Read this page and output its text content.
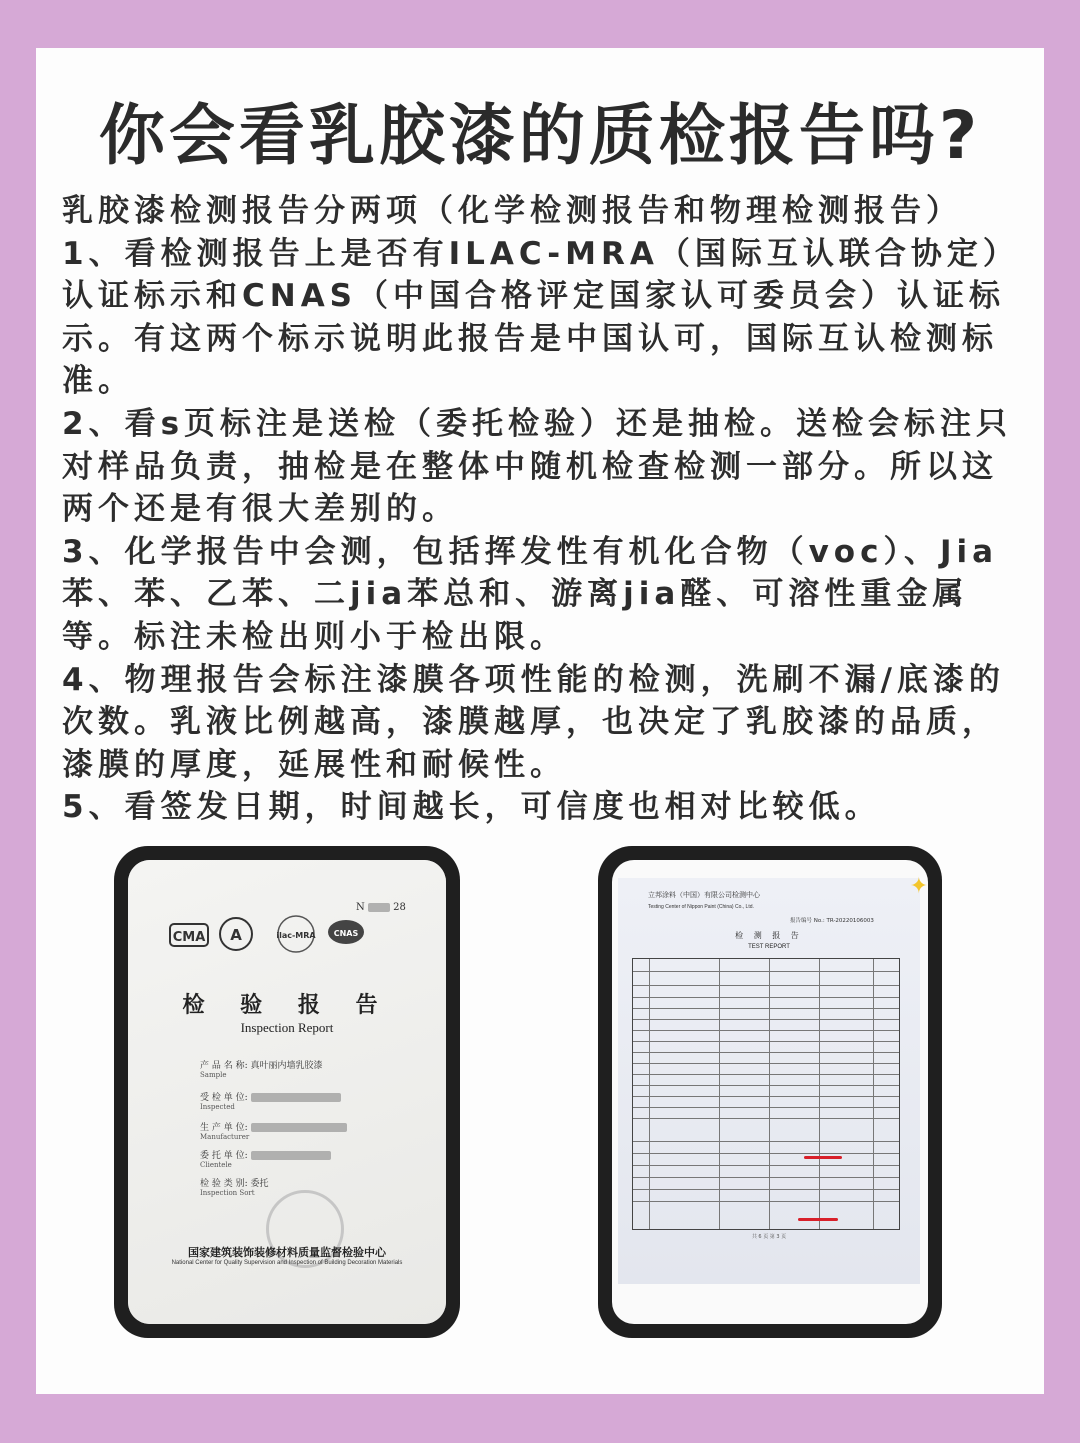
你会看乳胶漆的质检报告吗?

乳胶漆检测报告分两项（化学检测报告和物理检测报告）

1、看检测报告上是否有ILAC-MRA（国际互认联合协定）认证标示和CNAS（中国合格评定国家认可委员会）认证标示。有这两个标示说明此报告是中国认可，国际互认检测标准。

2、看s页标注是送检（委托检验）还是抽检。送检会标注只对样品负责，抽检是在整体中随机检查检测一部分。所以这两个还是有很大差别的。

3、化学报告中会测，包括挥发性有机化合物（voc）、Jia苯、苯、乙苯、二jia苯总和、游离jia醛、可溶性重金属等。标注未检出则小于检出限。

4、物理报告会标注漆膜各项性能的检测，洗刷不漏/底漆的次数。乳液比例越高，漆膜越厚，也决定了乳胶漆的品质，漆膜的厚度，延展性和耐候性。

5、看签发日期，时间越长，可信度也相对比较低。

N	28
CMA A	ilac-MRA CNAS
检 验 报 告
Inspection Report
产 品 名 称: 真叶丽内墙乳胶漆
Sample
受 检 单 位:
Inspected
生 产 单 位:
Manufacturer
委 托 单 位:
Clientele
检 验 类 别: 委托
Inspection Sort
国家建筑装饰装修材料质量监督检验中心
National Center for Quality Supervision and Inspection of Building Decoration Materials
立邦涂料（中国）有限公司检测中心
Testing Center of Nippon Paint (China) Co., Ltd.
报告编号 No.: TR-20220106003
检 测 报 告
TEST REPORT
共 6 页 第 3 页
✦
